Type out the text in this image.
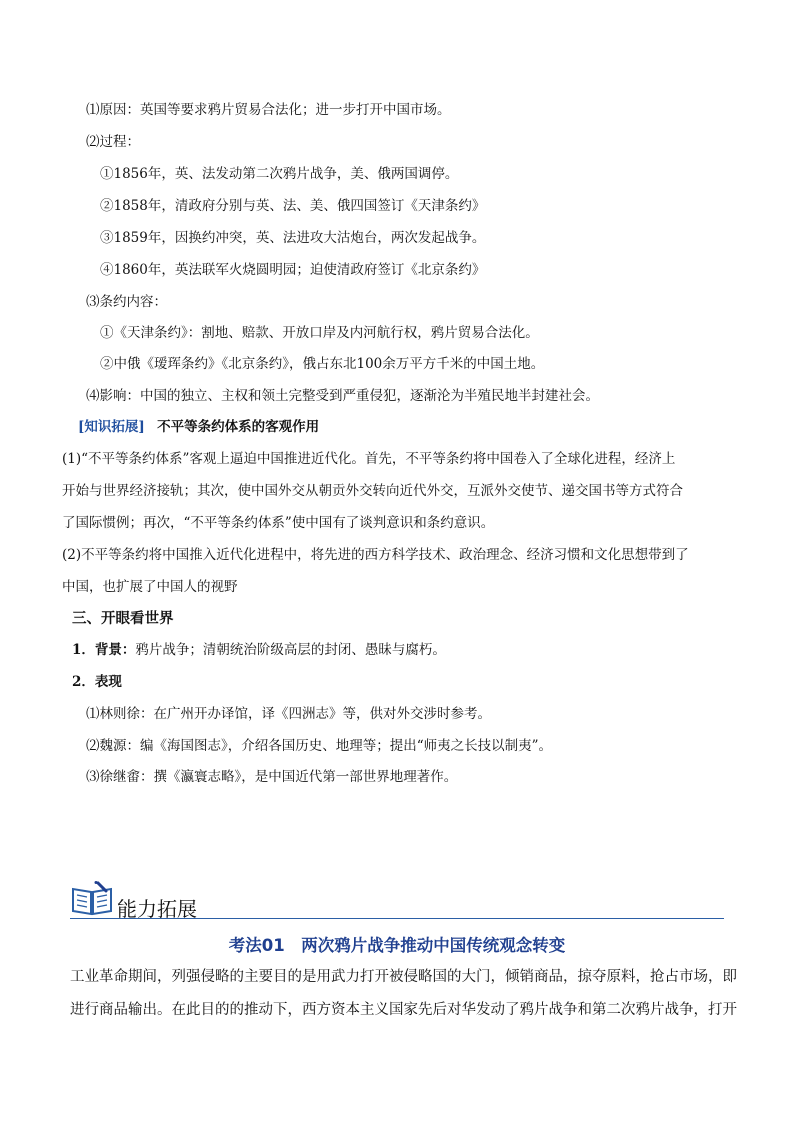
⑴原因：英国等要求鸦片贸易合法化；进一步打开中国市场。
⑵过程：
①1856年，英、法发动第二次鸦片战争，美、俄两国调停。
②1858年，清政府分别与英、法、美、俄四国签订《天津条约》
③1859年，因换约冲突，英、法进攻大沽炮台，两次发起战争。
④1860年，英法联军火烧圆明园；迫使清政府签订《北京条约》
⑶条约内容：
①《天津条约》：割地、赔款、开放口岸及内河航行权，鸦片贸易合法化。
②中俄《瑷珲条约》《北京条约》，俄占东北100余万平方千米的中国土地。
⑷影响：中国的独立、主权和领土完整受到严重侵犯，逐渐沦为半殖民地半封建社会。
[知识拓展] 不平等条约体系的客观作用
(1)“不平等条约体系”客观上逼迫中国推进近代化。首先，不平等条约将中国卷入了全球化进程，经济上
开始与世界经济接轨；其次，使中国外交从朝贡外交转向近代外交，互派外交使节、递交国书等方式符合
了国际惯例；再次，“不平等条约体系”使中国有了谈判意识和条约意识。
(2)不平等条约将中国推入近代化进程中，将先进的西方科学技术、政治理念、经济习惯和文化思想带到了
中国，也扩展了中国人的视野
三、开眼看世界
1．背景：鸦片战争；清朝统治阶级高层的封闭、愚昧与腐朽。
2．表现
⑴林则徐：在广州开办译馆，译《四洲志》等，供对外交涉时参考。
⑵魏源：编《海国图志》，介绍各国历史、地理等；提出“师夷之长技以制夷”。
⑶徐继畬：撰《瀛寰志略》，是中国近代第一部世界地理著作。
能力拓展
考法01　两次鸦片战争推动中国传统观念转变
工业革命期间，列强侵略的主要目的是用武力打开被侵略国的大门，倾销商品，掠夺原料，抢占市场，即
进行商品输出。在此目的的推动下，西方资本主义国家先后对华发动了鸦片战争和第二次鸦片战争，打开
